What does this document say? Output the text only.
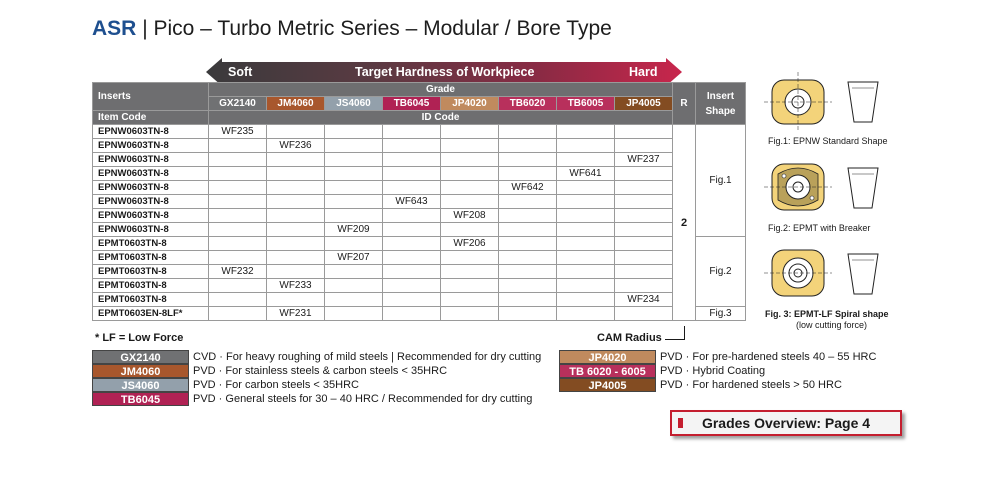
ASR | Pico – Turbo Metric Series – Modular / Bore Type
Soft	Target Hardness of Workpiece	Hard
Inserts	Grade								R	Insert Shape
	GX2140	JM4060	JS4060	TB6045	JP4020	TB6020	TB6005	JP4005		
Item Code	ID Code									
EPNW0603TN-8	WF235								2	Fig.1
EPNW0603TN-8		WF236								
EPNW0603TN-8								WF237		
EPNW0603TN-8							WF641			
EPNW0603TN-8						WF642				
EPNW0603TN-8				WF643						
EPNW0603TN-8					WF208					
EPNW0603TN-8			WF209							
EPMT0603TN-8					WF206					Fig.2
EPMT0603TN-8			WF207							
EPMT0603TN-8	WF232									
EPMT0603TN-8		WF233								
EPMT0603TN-8								WF234		
EPMT0603EN-8LF*		WF231								Fig.3
* LF = Low Force	CAM Radius
GX2140	CVD · For heavy roughing of mild steels | Recommended for dry cutting
JM4060	PVD · For stainless steels & carbon steels < 35HRC
JS4060	PVD · For carbon steels < 35HRC
TB6045	PVD · General steels for 30 – 40 HRC / Recommended for dry cutting
JP4020	PVD · For pre-hardened steels 40 – 55 HRC
TB 6020 - 6005	PVD · Hybrid Coating
JP4005	PVD · For hardened steels > 50 HRC
Fig.1: EPNW Standard Shape
Fig.2: EPMT with Breaker
Fig. 3: EPMT-LF Spiral shape
(low cutting force)
Grades Overview: Page 4
